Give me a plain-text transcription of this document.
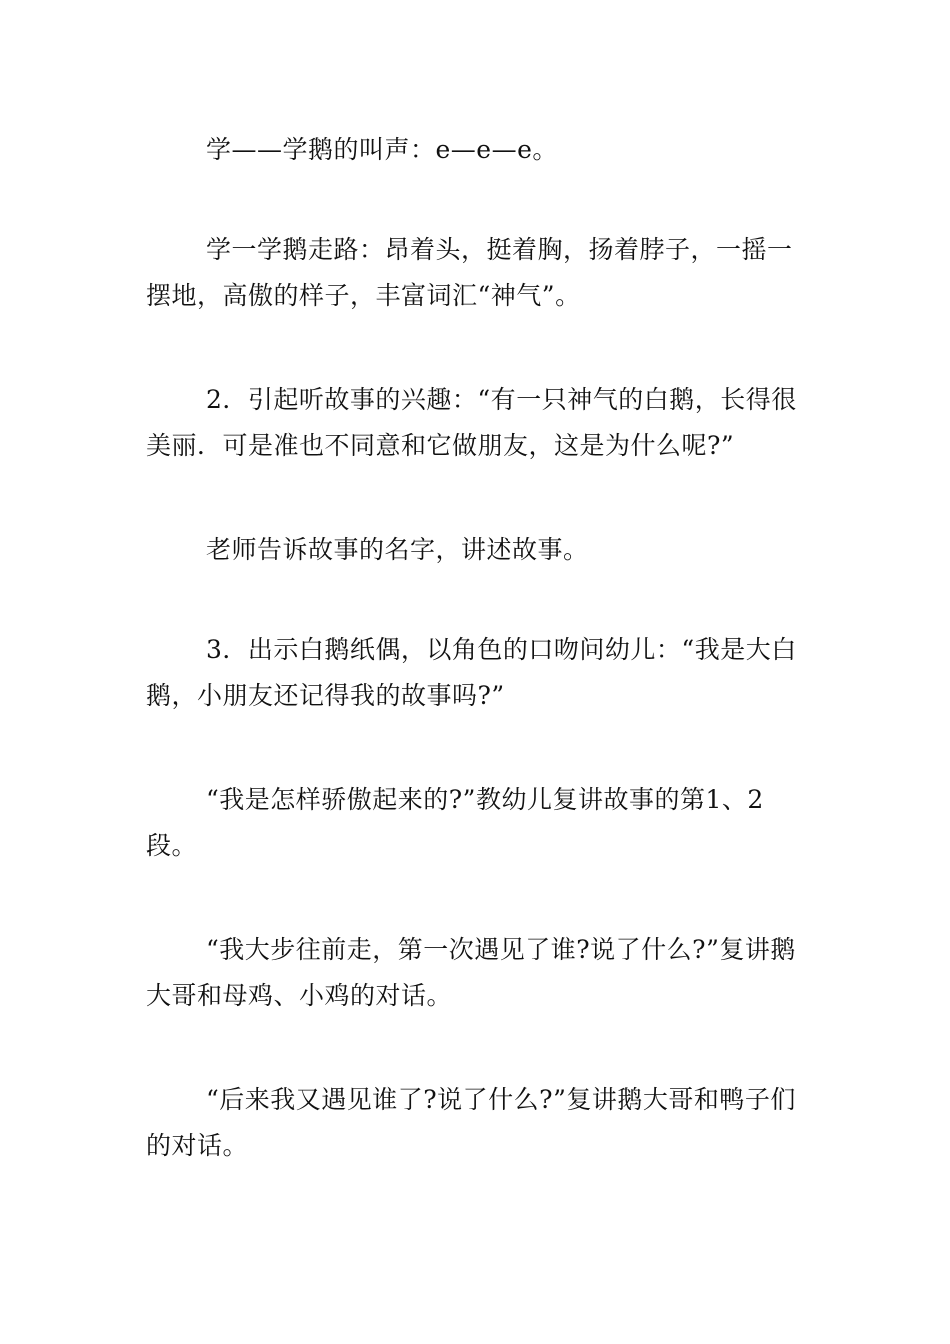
学——学鹅的叫声：e—e—e。

学一学鹅走路：昂着头，挺着胸，扬着脖子，一摇一摆地，高傲的样子，丰富词汇“神气”。

2．引起听故事的兴趣：“有一只神气的白鹅，长得很美丽．可是准也不同意和它做朋友，这是为什么呢?”

老师告诉故事的名字，讲述故事。

3．出示白鹅纸偶，以角色的口吻问幼儿：“我是大白鹅，小朋友还记得我的故事吗?”

“我是怎样骄傲起来的?”教幼儿复讲故事的第1、2段。

“我大步往前走，第一次遇见了谁?说了什么?”复讲鹅大哥和母鸡、小鸡的对话。

“后来我又遇见谁了?说了什么?”复讲鹅大哥和鸭子们的对话。
